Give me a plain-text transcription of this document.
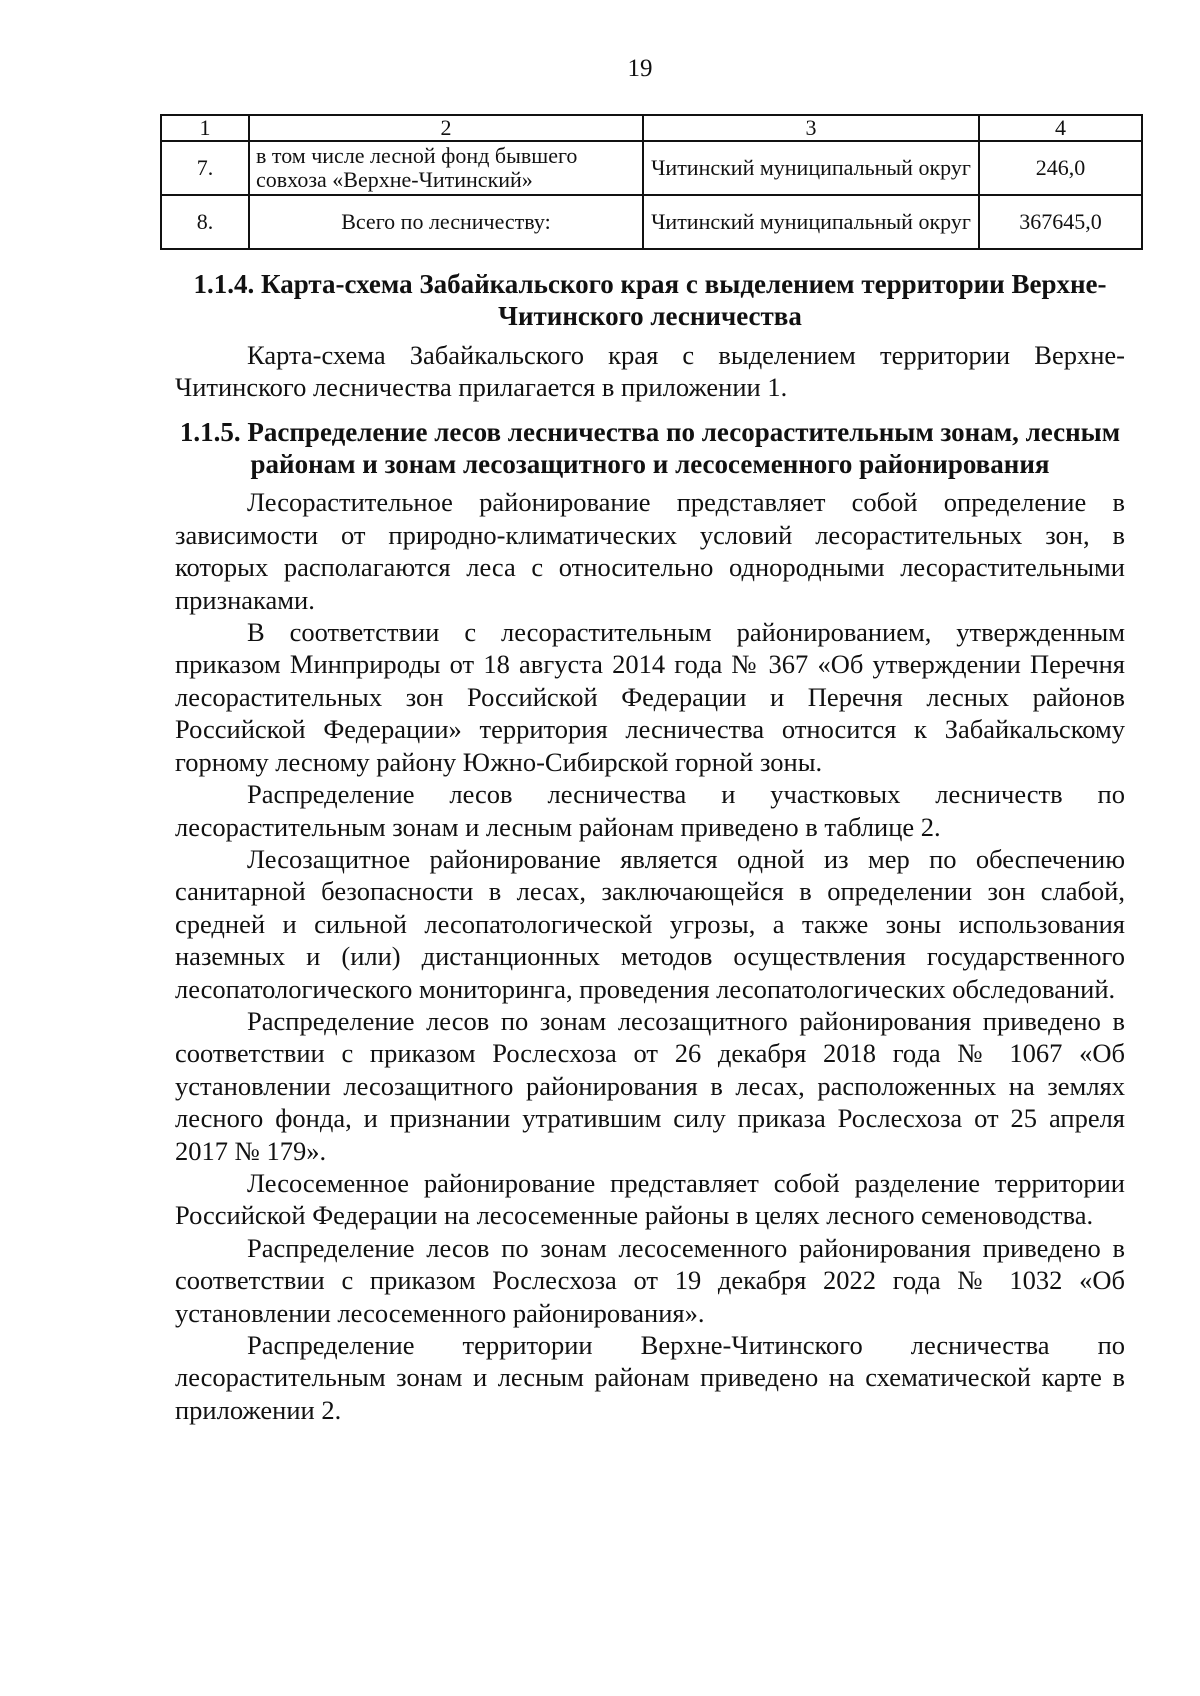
19
1	2	3	4
7.	в том числе лесной фонд бывшего совхоза «Верхне-Читинский»	Читинский муниципальный округ	246,0
8.	Всего по лесничеству:	Читинский муниципальный округ	367645,0
1.1.4. Карта-схема Забайкальского края с выделением территории Верхне-Читинского лесничества

Карта-схема Забайкальского края с выделением территории Верхне-Читинского лесничества прилагается в приложении 1.

1.1.5. Распределение лесов лесничества по лесорастительным зонам, лесным районам и зонам лесозащитного и лесосеменного районирования

Лесорастительное районирование представляет собой определение в зависимости от природно-климатических условий лесорастительных зон, в которых располагаются леса с относительно однородными лесорастительными признаками.

В соответствии с лесорастительным районированием, утвержденным приказом Минприроды от 18 августа 2014 года № 367 «Об утверждении Перечня лесорастительных зон Российской Федерации и Перечня лесных районов Российской Федерации» территория лесничества относится к Забайкальскому горному лесному району Южно-Сибирской горной зоны.

Распределение лесов лесничества и участковых лесничеств по лесорастительным зонам и лесным районам приведено в таблице 2.

Лесозащитное районирование является одной из мер по обеспечению санитарной безопасности в лесах, заключающейся в определении зон слабой, средней и сильной лесопатологической угрозы, а также зоны использования наземных и (или) дистанционных методов осуществления государственного лесопатологического мониторинга, проведения лесопатологических обследований.

Распределение лесов по зонам лесозащитного районирования приведено в соответствии с приказом Рослесхоза от 26 декабря 2018 года № 1067 «Об установлении лесозащитного районирования в лесах, расположенных на землях лесного фонда, и признании утратившим силу приказа Рослесхоза от 25 апреля 2017 № 179».

Лесосеменное районирование представляет собой разделение территории Российской Федерации на лесосеменные районы в целях лесного семеноводства.

Распределение лесов по зонам лесосеменного районирования приведено в соответствии с приказом Рослесхоза от 19 декабря 2022 года № 1032 «Об установлении лесосеменного районирования».

Распределение территории Верхне-Читинского лесничества по лесорастительным зонам и лесным районам приведено на схематической карте в приложении 2.
